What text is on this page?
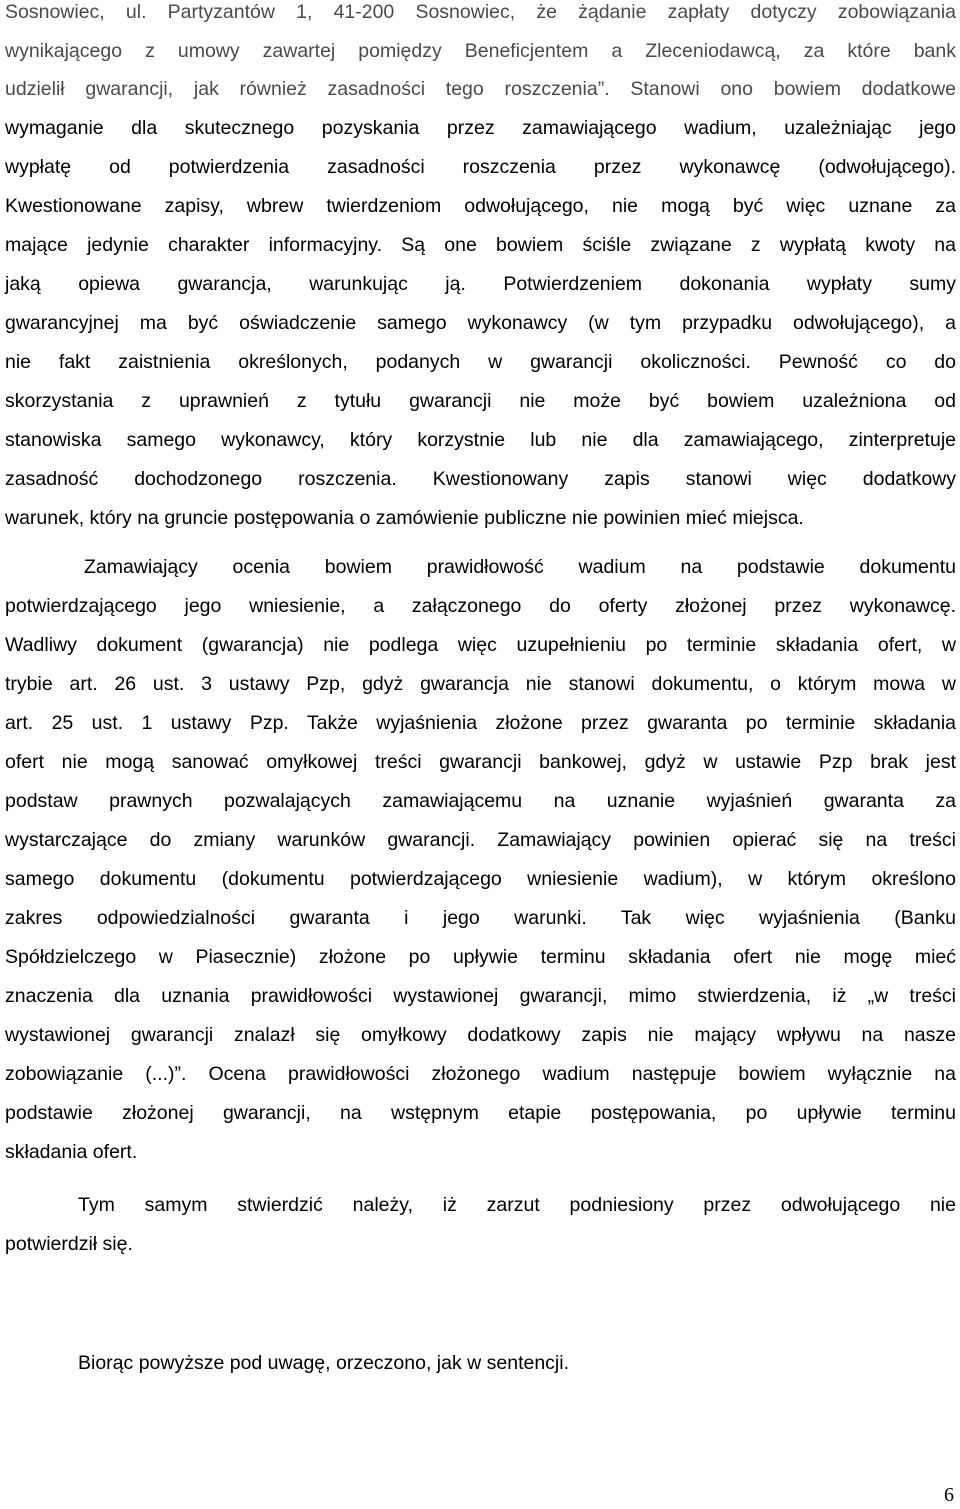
Sosnowiec, ul. Partyzantów 1, 41-200 Sosnowiec, że żądanie zapłaty dotyczy zobowiązania
wynikającego z umowy zawartej pomiędzy Beneficjentem a Zleceniodawcą, za które bank
udzielił gwarancji, jak również zasadności tego roszczenia”. Stanowi ono bowiem dodatkowe
wymaganie dla skutecznego pozyskania przez zamawiającego wadium, uzależniając jego
wypłatę od potwierdzenia zasadności roszczenia przez wykonawcę (odwołującego).
Kwestionowane zapisy, wbrew twierdzeniom odwołującego, nie mogą być więc uznane za
mające jedynie charakter informacyjny. Są one bowiem ściśle związane z wypłatą kwoty na
jaką opiewa gwarancja, warunkując ją. Potwierdzeniem dokonania wypłaty sumy
gwarancyjnej ma być oświadczenie samego wykonawcy (w tym przypadku odwołującego), a
nie fakt zaistnienia określonych, podanych w gwarancji okoliczności. Pewność co do
skorzystania z uprawnień z tytułu gwarancji nie może być bowiem uzależniona od
stanowiska samego wykonawcy, który korzystnie lub nie dla zamawiającego, zinterpretuje
zasadność dochodzonego roszczenia. Kwestionowany zapis stanowi więc dodatkowy
warunek, który na gruncie postępowania o zamówienie publiczne nie powinien mieć miejsca.
Zamawiający ocenia bowiem prawidłowość wadium na podstawie dokumentu
potwierdzającego jego wniesienie, a załączonego do oferty złożonej przez wykonawcę.
Wadliwy dokument (gwarancja) nie podlega więc uzupełnieniu po terminie składania ofert, w
trybie art. 26 ust. 3 ustawy Pzp, gdyż gwarancja nie stanowi dokumentu, o którym mowa w
art. 25 ust. 1 ustawy Pzp. Także wyjaśnienia złożone przez gwaranta po terminie składania
ofert nie mogą sanować omyłkowej treści gwarancji bankowej, gdyż w ustawie Pzp brak jest
podstaw prawnych pozwalających zamawiającemu na uznanie wyjaśnień gwaranta za
wystarczające do zmiany warunków gwarancji. Zamawiający powinien opierać się na treści
samego dokumentu (dokumentu potwierdzającego wniesienie wadium), w którym określono
zakres odpowiedzialności gwaranta i jego warunki. Tak więc wyjaśnienia (Banku
Spółdzielczego w Piasecznie) złożone po upływie terminu składania ofert nie mogę mieć
znaczenia dla uznania prawidłowości wystawionej gwarancji, mimo stwierdzenia, iż „w treści
wystawionej gwarancji znalazł się omyłkowy dodatkowy zapis nie mający wpływu na nasze
zobowiązanie (...)”. Ocena prawidłowości złożonego wadium następuje bowiem wyłącznie na
podstawie złożonej gwarancji, na wstępnym etapie postępowania, po upływie terminu
składania ofert.
Tym samym stwierdzić należy, iż zarzut podniesiony przez odwołującego nie
potwierdził się.
Biorąc powyższe pod uwagę, orzeczono, jak w sentencji.
6
